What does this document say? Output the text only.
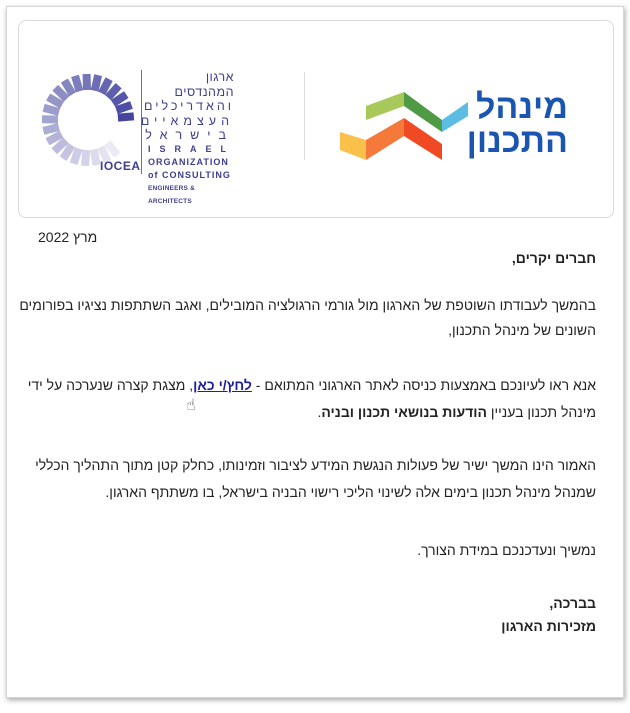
IOCEA
ארגון המהנדסים
והאדריכלים
העצמאיים
בישראל
ISRAEL
ORGANIZATION
of CONSULTING
ENGINEERS & ARCHITECTS
מינהל
התכנון
מרץ 2022
חברים יקרים,
בהמשך לעבודתו השוטפת של הארגון מול גורמי הרגולציה המובילים, ואגב השתתפות נציגיו בפורומים
השונים של מינהל התכנון,
אנא ראו לעיונכם באמצעות כניסה לאתר הארגוני המתואם - לחץ/י כאן, מצגת קצרה שנערכה על ידי
☝	מינהל תכנון בעניין הודעות בנושאי תכנון ובניה.
האמור הינו המשך ישיר של פעולות הנגשת המידע לציבור וזמינותו, כחלק קטן מתוך התהליך הכללי
שמנהל מינהל תכנון בימים אלה לשינוי הליכי רישוי הבניה בישראל, בו משתתף הארגון.
נמשיך ונעדכנכם במידת הצורך.
בברכה,
מזכירות הארגון
